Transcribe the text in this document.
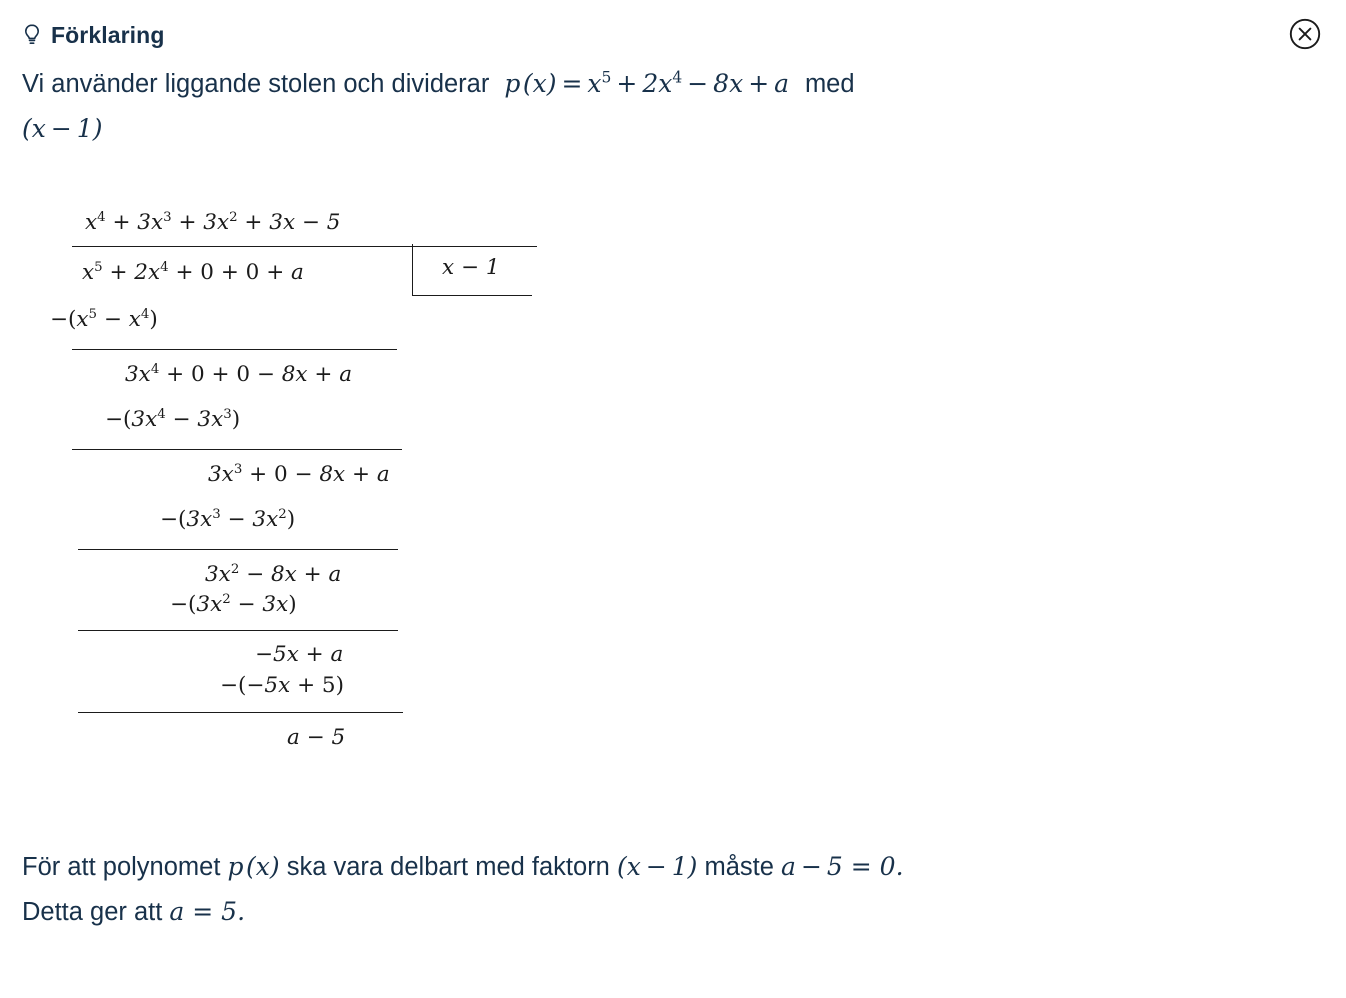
Förklaring
Vi använder liggande stolen och dividerar  p $(x) = x^5 + 2x^4 - 8x + a$  med
(x − 1)
$x^4 + 3x^3 + 3x^2 + 3x - 5$
$x^5 + 2x^4 + 0 + 0 + a$	x − 1
$-(x^5 - x^4)$
$3x^4 + 0 + 0 - 8x + a$
$-(3x^4 - 3x^3)$
$3x^3 + 0 - 8x + a$
$-(3x^3 - 3x^2)$
$3x^2 - 8x + a$
$-(3x^2 - 3x)$
−5x + a
−(−5x + 5)
a − 5
För att polynomet p (x) ska vara delbart med faktorn (x − 1) måste a − 5 = 0.
Detta ger att a = 5.
